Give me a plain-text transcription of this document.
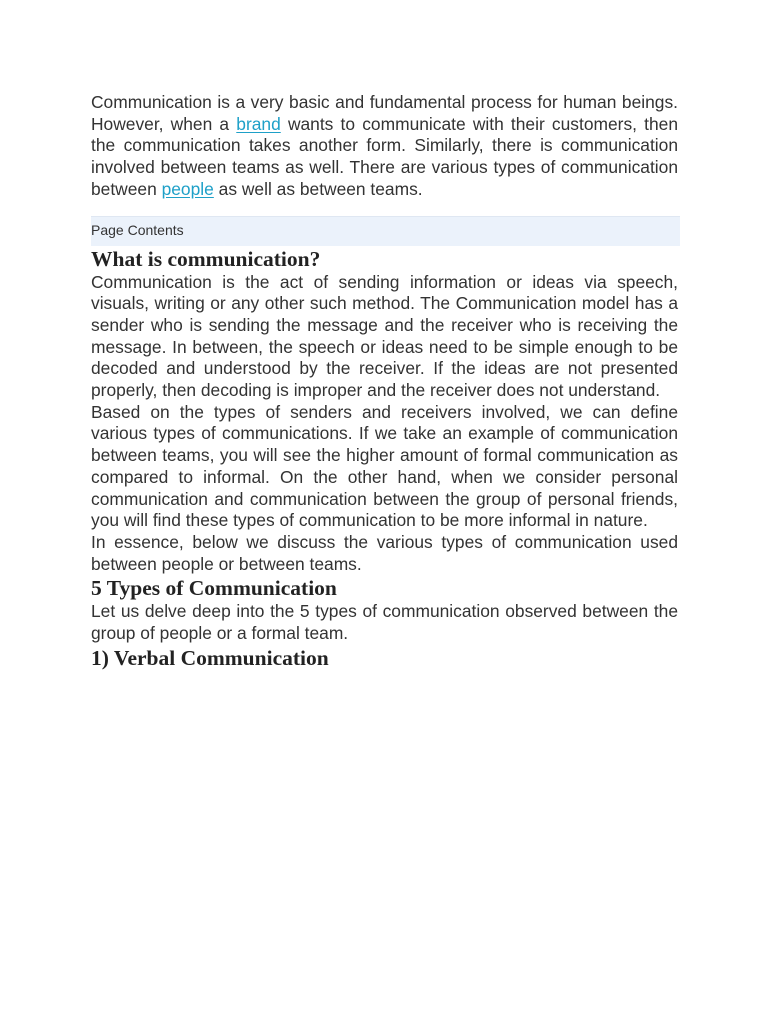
Communication is a very basic and fundamental process for human beings. However, when a brand wants to communicate with their customers, then the communication takes another form. Similarly, there is communication involved between teams as well. There are various types of communication between people as well as between teams.

Page Contents
What is communication?

Communication is the act of sending information or ideas via speech, visuals, writing or any other such method. The Communication model has a sender who is sending the message and the receiver who is receiving the message. In between, the speech or ideas need to be simple enough to be decoded and understood by the receiver. If the ideas are not presented properly, then decoding is improper and the receiver does not understand.

Based on the types of senders and receivers involved, we can define various types of communications. If we take an example of communication between teams, you will see the higher amount of formal communication as compared to informal. On the other hand, when we consider personal communication and communication between the group of personal friends, you will find these types of communication to be more informal in nature.

In essence, below we discuss the various types of communication used between people or between teams.

5 Types of Communication

Let us delve deep into the 5 types of communication observed between the group of people or a formal team.

1) Verbal Communication
